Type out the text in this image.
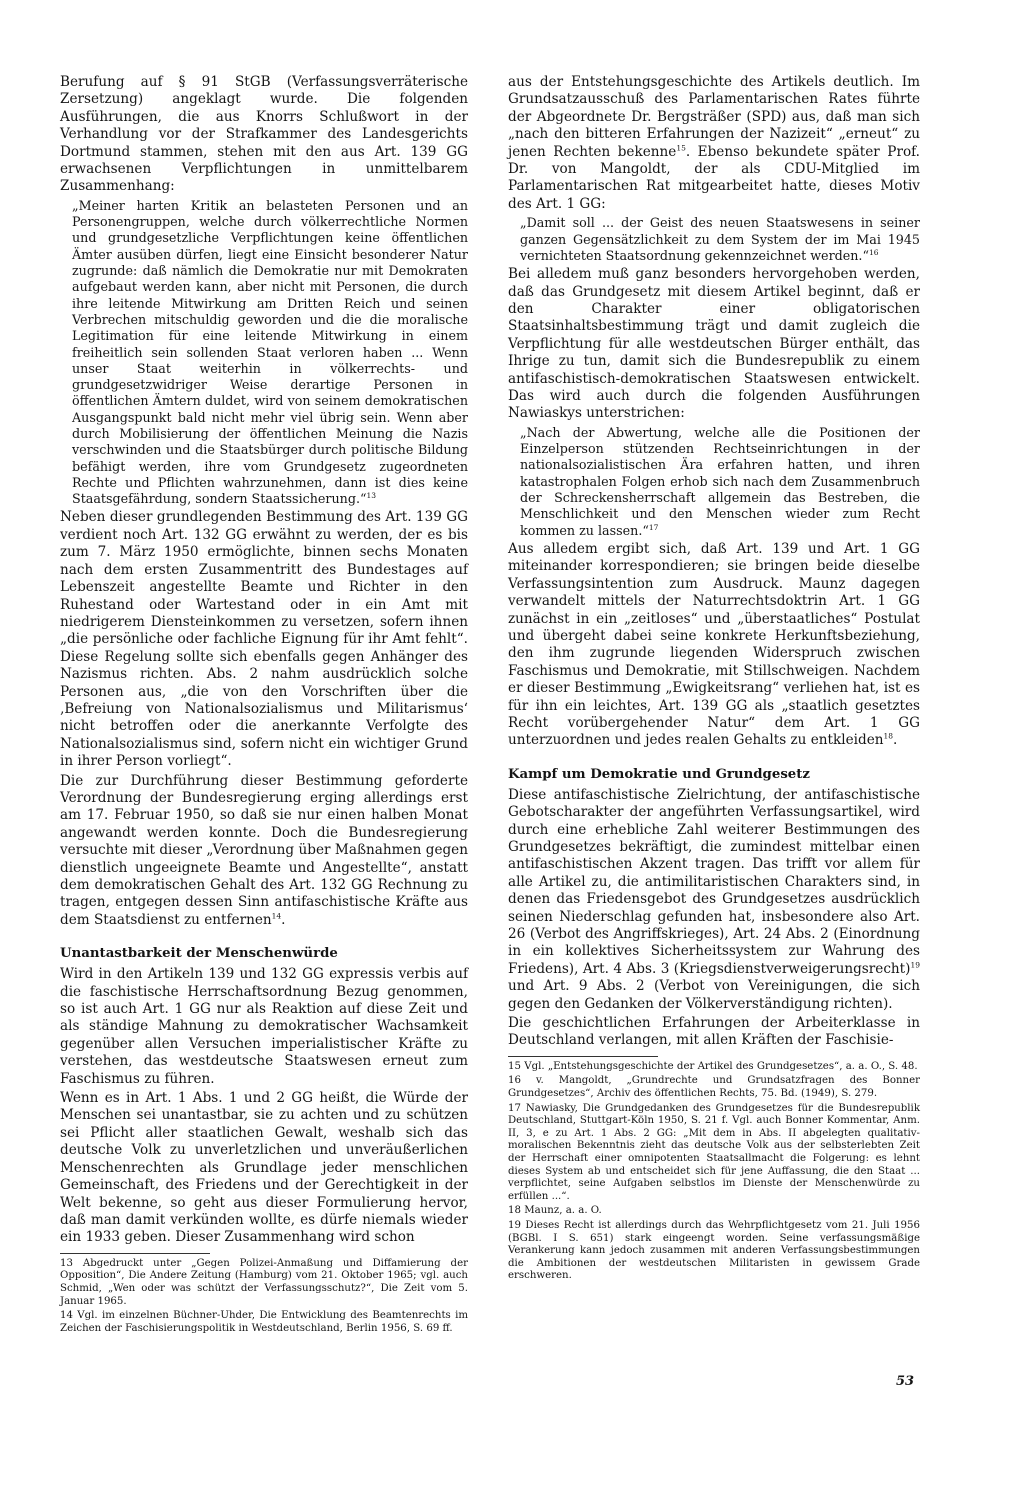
Berufung auf § 91 StGB (Verfassungsverräterische Zersetzung) angeklagt wurde. Die folgenden Ausführungen, die aus Knorrs Schlußwort in der Verhandlung vor der Strafkammer des Landesgerichts Dortmund stammen, stehen mit den aus Art. 139 GG erwachsenen Verpflichtungen in unmittelbarem Zusammenhang:

„Meiner harten Kritik an belasteten Personen und an Personengruppen, welche durch völkerrechtliche Normen und grundgesetzliche Verpflichtungen keine öffentlichen Ämter ausüben dürfen, liegt eine Einsicht besonderer Natur zugrunde: daß nämlich die Demokratie nur mit Demokraten aufgebaut werden kann, aber nicht mit Personen, die durch ihre leitende Mitwirkung am Dritten Reich und seinen Verbrechen mitschuldig geworden und die die moralische Legitimation für eine leitende Mitwirkung in einem freiheitlich sein sollenden Staat verloren haben ... Wenn unser Staat weiterhin in völkerrechts- und grundgesetzwidriger Weise derartige Personen in öffentlichen Ämtern duldet, wird von seinem demokratischen Ausgangspunkt bald nicht mehr viel übrig sein. Wenn aber durch Mobilisierung der öffentlichen Meinung die Nazis verschwinden und die Staatsbürger durch politische Bildung befähigt werden, ihre vom Grundgesetz zugeordneten Rechte und Pflichten wahrzunehmen, dann ist dies keine Staatsgefährdung, sondern Staatssicherung.“$^{13}$

Neben dieser grundlegenden Bestimmung des Art. 139 GG verdient noch Art. 132 GG erwähnt zu werden, der es bis zum 7. März 1950 ermöglichte, binnen sechs Monaten nach dem ersten Zusammentritt des Bundestages auf Lebenszeit angestellte Beamte und Richter in den Ruhestand oder Wartestand oder in ein Amt mit niedrigerem Diensteinkommen zu versetzen, sofern ihnen „die persönliche oder fachliche Eignung für ihr Amt fehlt“. Diese Regelung sollte sich ebenfalls gegen Anhänger des Nazismus richten. Abs. 2 nahm ausdrücklich solche Personen aus, „die von den Vorschriften über die ‚Befreiung von Nationalsozialismus und Militarismus‘ nicht betroffen oder die anerkannte Verfolgte des Nationalsozialismus sind, sofern nicht ein wichtiger Grund in ihrer Person vorliegt“.

Die zur Durchführung dieser Bestimmung geforderte Verordnung der Bundesregierung erging allerdings erst am 17. Februar 1950, so daß sie nur einen halben Monat angewandt werden konnte. Doch die Bundesregierung versuchte mit dieser „Verordnung über Maßnahmen gegen dienstlich ungeeignete Beamte und Angestellte“, anstatt dem demokratischen Gehalt des Art. 132 GG Rechnung zu tragen, entgegen dessen Sinn antifaschistische Kräfte aus dem Staatsdienst zu entfernen$^{14}$.

Unantastbarkeit der Menschenwürde

Wird in den Artikeln 139 und 132 GG expressis verbis auf die faschistische Herrschaftsordnung Bezug genommen, so ist auch Art. 1 GG nur als Reaktion auf diese Zeit und als ständige Mahnung zu demokratischer Wachsamkeit gegenüber allen Versuchen imperialistischer Kräfte zu verstehen, das westdeutsche Staatswesen erneut zum Faschismus zu führen.

Wenn es in Art. 1 Abs. 1 und 2 GG heißt, die Würde der Menschen sei unantastbar, sie zu achten und zu schützen sei Pflicht aller staatlichen Gewalt, weshalb sich das deutsche Volk zu unverletzlichen und unveräußerlichen Menschenrechten als Grundlage jeder menschlichen Gemeinschaft, des Friedens und der Gerechtigkeit in der Welt bekenne, so geht aus dieser Formulierung hervor, daß man damit verkünden wollte, es dürfe niemals wieder ein 1933 geben. Dieser Zusammenhang wird schon

13 Abgedruckt unter „Gegen Polizei-Anmaßung und Diffamierung der Opposition“, Die Andere Zeitung (Hamburg) vom 21. Oktober 1965; vgl. auch Schmid, „Wen oder was schützt der Verfassungsschutz?“, Die Zeit vom 5. Januar 1965.

14 Vgl. im einzelnen Büchner-Uhder, Die Entwicklung des Beamtenrechts im Zeichen der Faschisierungspolitik in Westdeutschland, Berlin 1956, S. 69 ff.

aus der Entstehungsgeschichte des Artikels deutlich. Im Grundsatzausschuß des Parlamentarischen Rates führte der Abgeordnete Dr. Bergsträßer (SPD) aus, daß man sich „nach den bitteren Erfahrungen der Nazizeit“ „erneut“ zu jenen Rechten bekenne$^{15}$. Ebenso bekundete später Prof. Dr. von Mangoldt, der als CDU-Mitglied im Parlamentarischen Rat mitgearbeitet hatte, dieses Motiv des Art. 1 GG:

„Damit soll ... der Geist des neuen Staatswesens in seiner ganzen Gegensätzlichkeit zu dem System der im Mai 1945 vernichteten Staatsordnung gekennzeichnet werden.“$^{16}$

Bei alledem muß ganz besonders hervorgehoben werden, daß das Grundgesetz mit diesem Artikel beginnt, daß er den Charakter einer obligatorischen Staatsinhaltsbestimmung trägt und damit zugleich die Verpflichtung für alle westdeutschen Bürger enthält, das Ihrige zu tun, damit sich die Bundesrepublik zu einem antifaschistisch-demokratischen Staatswesen entwickelt. Das wird auch durch die folgenden Ausführungen Nawiaskys unterstrichen:

„Nach der Abwertung, welche alle die Positionen der Einzelperson stützenden Rechtseinrichtungen in der nationalsozialistischen Ära erfahren hatten, und ihren katastrophalen Folgen erhob sich nach dem Zusammenbruch der Schreckensherrschaft allgemein das Bestreben, die Menschlichkeit und den Menschen wieder zum Recht kommen zu lassen.“$^{17}$

Aus alledem ergibt sich, daß Art. 139 und Art. 1 GG miteinander korrespondieren; sie bringen beide dieselbe Verfassungsintention zum Ausdruck. Maunz dagegen verwandelt mittels der Naturrechtsdoktrin Art. 1 GG zunächst in ein „zeitloses“ und „überstaatliches“ Postulat und übergeht dabei seine konkrete Herkunftsbeziehung, den ihm zugrunde liegenden Widerspruch zwischen Faschismus und Demokratie, mit Stillschweigen. Nachdem er dieser Bestimmung „Ewigkeitsrang“ verliehen hat, ist es für ihn ein leichtes, Art. 139 GG als „staatlich gesetztes Recht vorübergehender Natur“ dem Art. 1 GG unterzuordnen und jedes realen Gehalts zu entkleiden$^{18}$.

Kampf um Demokratie und Grundgesetz

Diese antifaschistische Zielrichtung, der antifaschistische Gebotscharakter der angeführten Verfassungsartikel, wird durch eine erhebliche Zahl weiterer Bestimmungen des Grundgesetzes bekräftigt, die zumindest mittelbar einen antifaschistischen Akzent tragen. Das trifft vor allem für alle Artikel zu, die antimilitaristischen Charakters sind, in denen das Friedensgebot des Grundgesetzes ausdrücklich seinen Niederschlag gefunden hat, insbesondere also Art. 26 (Verbot des Angriffskrieges), Art. 24 Abs. 2 (Einordnung in ein kollektives Sicherheitssystem zur Wahrung des Friedens), Art. 4 Abs. 3 (Kriegsdienstverweigerungsrecht)$^{19}$ und Art. 9 Abs. 2 (Verbot von Vereinigungen, die sich gegen den Gedanken der Völkerverständigung richten).

Die geschichtlichen Erfahrungen der Arbeiterklasse in Deutschland verlangen, mit allen Kräften der Faschisie-

15 Vgl. „Entstehungsgeschichte der Artikel des Grundgesetzes“, a. a. O., S. 48.

16 v. Mangoldt, „Grundrechte und Grundsatzfragen des Bonner Grundgesetzes“, Archiv des öffentlichen Rechts, 75. Bd. (1949), S. 279.

17 Nawiasky, Die Grundgedanken des Grundgesetzes für die Bundesrepublik Deutschland, Stuttgart-Köln 1950, S. 21 f. Vgl. auch Bonner Kommentar, Anm. II, 3, e zu Art. 1 Abs. 2 GG: „Mit dem in Abs. II abgelegten qualitativ-moralischen Bekenntnis zieht das deutsche Volk aus der selbsterlebten Zeit der Herrschaft einer omnipotenten Staatsallmacht die Folgerung: es lehnt dieses System ab und entscheidet sich für jene Auffassung, die den Staat ... verpflichtet, seine Aufgaben selbstlos im Dienste der Menschenwürde zu erfüllen ...“.

18 Maunz, a. a. O.

19 Dieses Recht ist allerdings durch das Wehrpflichtgesetz vom 21. Juli 1956 (BGBl. I S. 651) stark eingeengt worden. Seine verfassungsmäßige Verankerung kann jedoch zusammen mit anderen Verfassungsbestimmungen die Ambitionen der westdeutschen Militaristen in gewissem Grade erschweren.

53
